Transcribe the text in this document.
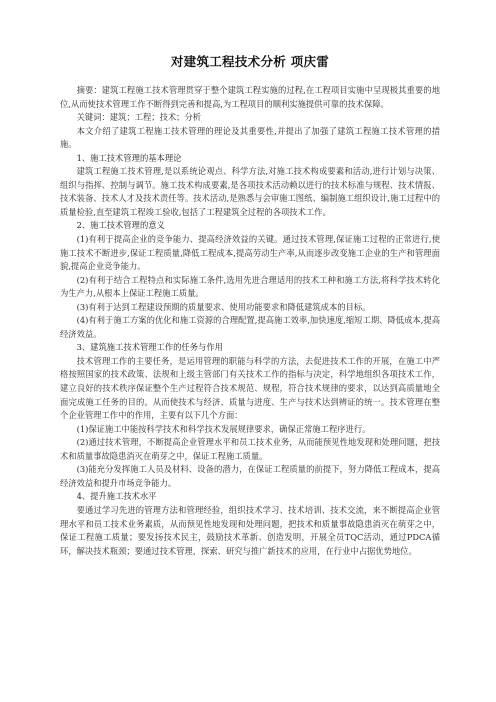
对建筑工程技术分析 项庆雷

摘要：建筑工程施工技术管理贯穿于整个建筑工程实施的过程,在工程项目实施中呈现极其重要的地位,从而使技术管理工作不断得到完善和提高,为工程项目的顺利实施提供可靠的技术保障。

关键词：建筑；工程；技术；分析

本文介绍了建筑工程施工技术管理的理论及其重要性,并提出了加强了建筑工程施工技术管理的措施。

1、施工技术管理的基本理论

建筑工程施工技术管理,是以系统论观点、科学方法,对施工技术构成要素和活动,进行计划与决策、组织与指挥、控制与调节。施工技术构成要素,是各项技术活动赖以进行的技术标准与规程、技术情报、技术装备、技术人才及技术责任等。技术活动,是熟悉与会审施工图纸、编制施工组织设计,施工过程中的质量检验,直至建筑工程竣工验收,包括了工程建筑全过程的各项技术工作。

2、施工技术管理的意义

(1)有利于提高企业的竞争能力、提高经济效益的关键。通过技术管理,保证施工过程的正常进行,使施工技术不断进步,保证工程质量,降低工程成本,提高劳动生产率,从而逐步改变施工企业的生产和管理面貌,提高企业竞争能力。

(2)有利于结合工程特点和实际施工条件,选用先进合理适用的技术工种和施工方法,将科学技术转化为生产力,从根本上保证工程施工质量。

(3)有利于达到工程建设预期的质量要求、使用功能要求和降低建筑成本的目标。

(4)有利于施工方案的优化和施工资源的合理配置,提高施工效率,加快速度,缩短工期、降低成本,提高经济效益。

3、建筑施工技术管理工作的任务与作用

技术管理工作的主要任务，是运用管理的职能与科学的方法，去促进技术工作的开展，在施工中严格按照国家的技术政策、法规和上级主管部门有关技术工作的指标与决定，科学地组织各项技术工作，建立良好的技术秩序保证整个生产过程符合技术规范、规程，符合技术规律的要求，以达到高质量地全面完成施工任务的目的。从而使技术与经济、质量与进度、生产与技术达到辨证的统一。技术管理在整个企业管理工作中的作用，主要有以下几个方面：

(1)保证施工中能按科学技术和科学技术发展规律要求，确保正常施工程序进行。

(2)通过技术管理，不断提高企业管理水平和员工技术业务，从而能预见性地发现和处理问题，把技术和质量事故隐患消灭在萌芽之中，保证工程施工质量。

(3)能充分发挥施工人员及材料、设备的潜力，在保证工程质量的前提下，努力降低工程成本，提高经济效益和提升市场竞争能力。

4、提升施工技术水平

要通过学习先进的管理方法和管理经验，组织技术学习、技术培训、技术交流，来不断提高企业管理水平和员工技术业务素质，从而预见性地发现和处理问题，把技术和质量事故隐患消灭在萌芽之中，保证工程施工质量；要发扬技术民主，鼓励技术革新、创造发明，开展全员TQC活动，通过PDCA循环，解决技术瓶颈；要通过技术管理，探索、研究与推广新技术的应用，在行业中占据优势地位。
